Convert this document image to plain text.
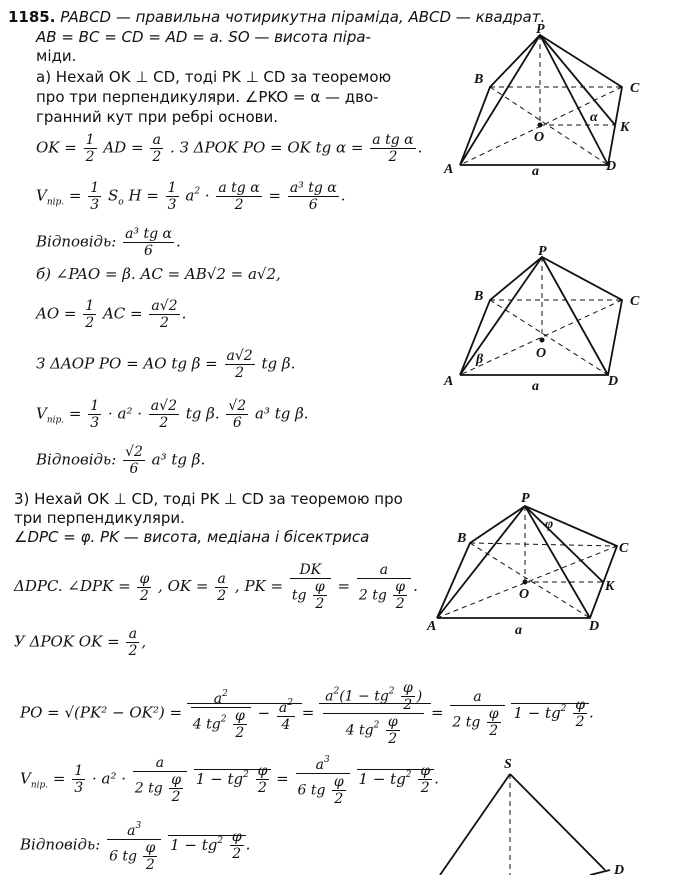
1185. PABCD — правильна чотирикутна піраміда, ABCD — квадрат.
AB = BC = CD = AD = a. SO — висота пірa-
міди.
а) Нехай OK ⊥ CD, тоді PK ⊥ CD за теоремою
про три перпендикуляри. ∠PKO = α — дво-
гранний кут при ребрі основи.
OK = $\frac{1}{2}$ AD = $\frac{a}{2}$ . З ΔPOK PO = OK tg $\alpha = \frac{\text{a tg α}}{2}$ .
$V_{пір.} = \frac{1}{3} S_o$ $H = \frac{1}{3} a^2 \cdot \frac{\text{a tg α}}{2} = \frac{\text{a³ tg α}}{6}$ .
Відповідь: $\frac{\text{a³ tg α}}{6}$ .
б) ∠PAO = β. AC = AB√2 = a√2,
AO = $\frac{1}{2}$ AC = $\frac{a√2}{2}$ .
З ΔAOP PO = AO tg $\beta = \frac{a√2}{2}$ tg β.
$V_{пір.} = \frac{1}{3} \cdot a^2 \cdot \frac{a√2}{2}$ tg β. $\frac{√2}{6} a^3$ tg β.
Відповідь: $\frac{√2}{6} a^3$ tg β.
3) Нехай OK ⊥ CD, тоді PK ⊥ CD за теоремою про
три перпендикуляри.
∠DPC = φ. PK — висота, медіана і бісектриса
ΔDPC. ∠DPK = $\frac{\varphi}{2}$ , OK = $\frac{a}{2}$ , PK = $\frac{DK}{tg \frac{\varphi}{2}} = \frac{a}{2 tg \frac{\varphi}{2}}$ .
У ΔPOK OK = $\frac{a}{2}$ ,
PO = $√(PK^2 - OK^2) = \frac{a^2}{4 tg^2 \frac{\varphi}{2}} - \frac{a^2}{4} = \frac{a^2(1 - tg^2 \frac{\varphi}{2} )}{4 tg^2 \frac{\varphi}{2}} = \frac{a}{2 tg \frac{\varphi}{2}} 1 - tg^2 \frac{\varphi}{2}$ .
$V_{пір.} = \frac{1}{3} \cdot a^2 \cdot \frac{a}{2 tg \frac{\varphi}{2}} 1 - tg^2 \frac{\varphi}{2} = \frac{a^3}{6 tg \frac{\varphi}{2}} 1 - tg^2 \frac{\varphi}{2}$ .
Відповідь: $\frac{a^3}{6 tg \frac{\varphi}{2}} 1 - tg^2 \frac{\varphi}{2}$ .
P
B
C
K
O
A	D
a
α
P
B	C
O
A	D
a
β
P
B
C
K
O
A	D
a
φ
S
D
